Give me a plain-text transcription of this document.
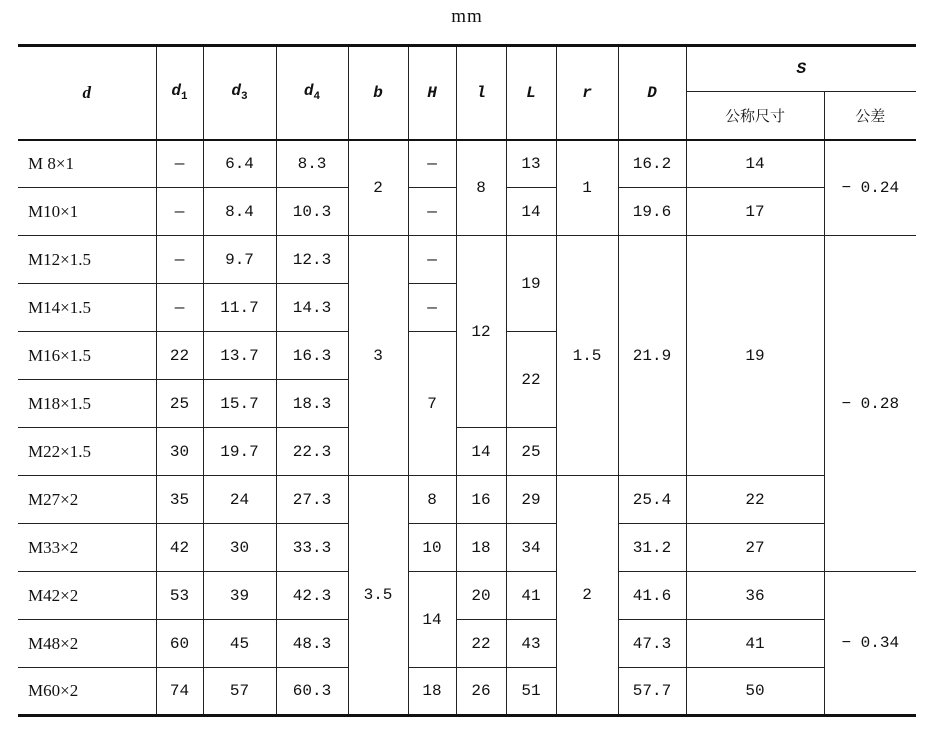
mm
d	$d_1$	$d_3$	$d_4$	b	H	l	L	r	D	S	
										公称尺寸	公差
M 8×1	—	6.4	8.3	2	—	8	13	1	16.2	14	− 0.24
M10×1	—	8.4	10.3		—		14		19.6	17	
M12×1.5	—	9.7	12.3	3	—	12	19	1.5	21.9	19	− 0.28
M14×1.5	—	11.7	14.3		—						
M16×1.5	22	13.7	16.3		7		22				
M18×1.5	25	15.7	18.3								
M22×1.5	30	19.7	22.3			14	25				
M27×2	35	24	27.3	3.5	8	16	29	2	25.4	22	
M33×2	42	30	33.3		10	18	34		31.2	27	
M42×2	53	39	42.3		14	20	41		41.6	36	− 0.34
M48×2	60	45	48.3			22	43		47.3	41	
M60×2	74	57	60.3		18	26	51		57.7	50	
